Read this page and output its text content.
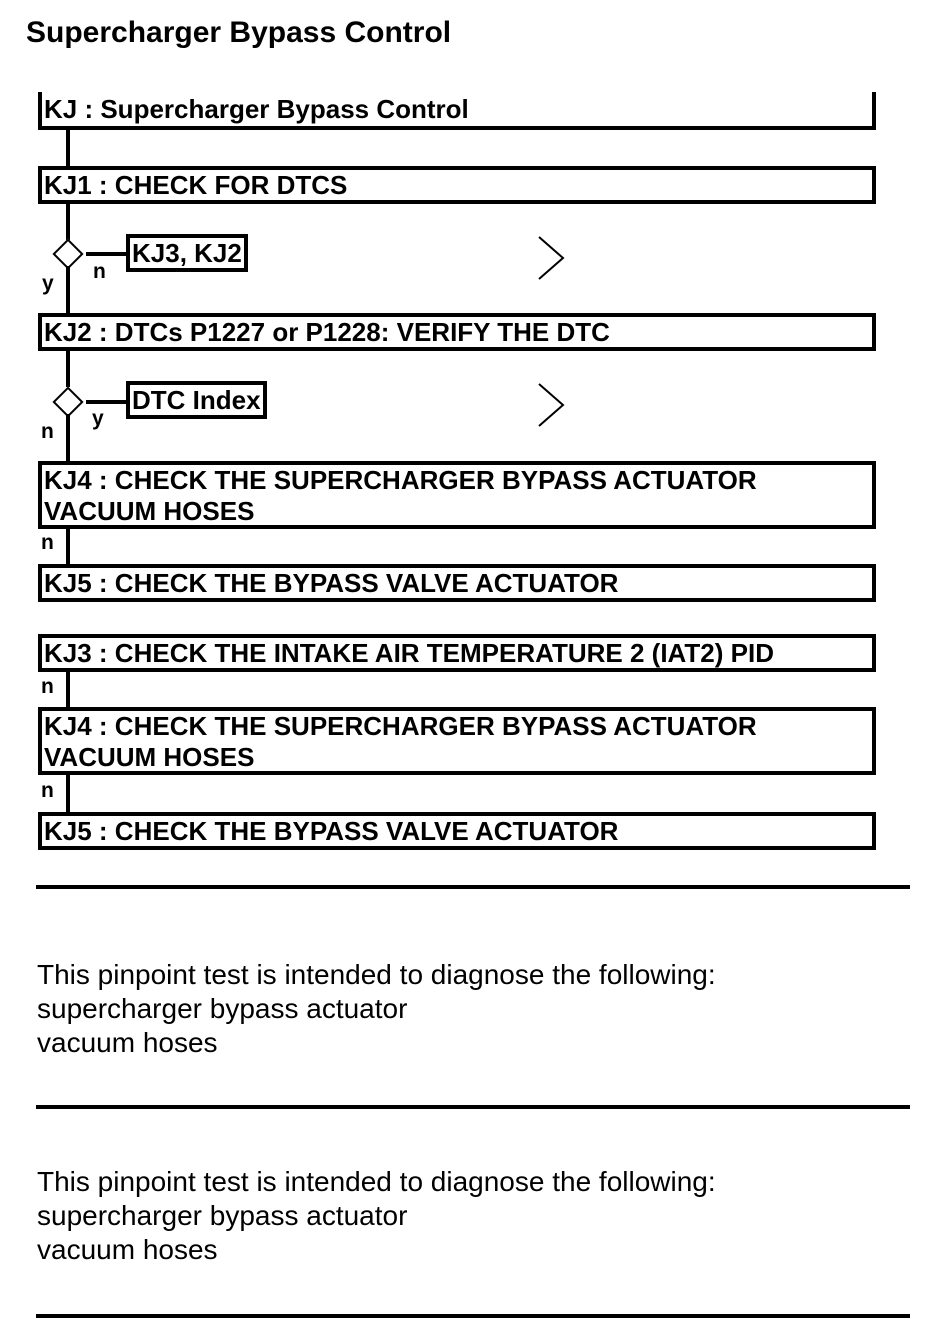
Supercharger Bypass Control
KJ : Supercharger Bypass Control
KJ1 : CHECK FOR DTCS
n
y
KJ3, KJ2
KJ2 : DTCs P1227 or P1228: VERIFY THE DTC
y
n
DTC Index
KJ4 : CHECK THE SUPERCHARGER BYPASS ACTUATOR
VACUUM HOSES
n
KJ5 : CHECK THE BYPASS VALVE ACTUATOR
KJ3 : CHECK THE INTAKE AIR TEMPERATURE 2 (IAT2) PID
n
KJ4 : CHECK THE SUPERCHARGER BYPASS ACTUATOR
VACUUM HOSES
n
KJ5 : CHECK THE BYPASS VALVE ACTUATOR
This pinpoint test is intended to diagnose the following:
supercharger bypass actuator
vacuum hoses
This pinpoint test is intended to diagnose the following:
supercharger bypass actuator
vacuum hoses
